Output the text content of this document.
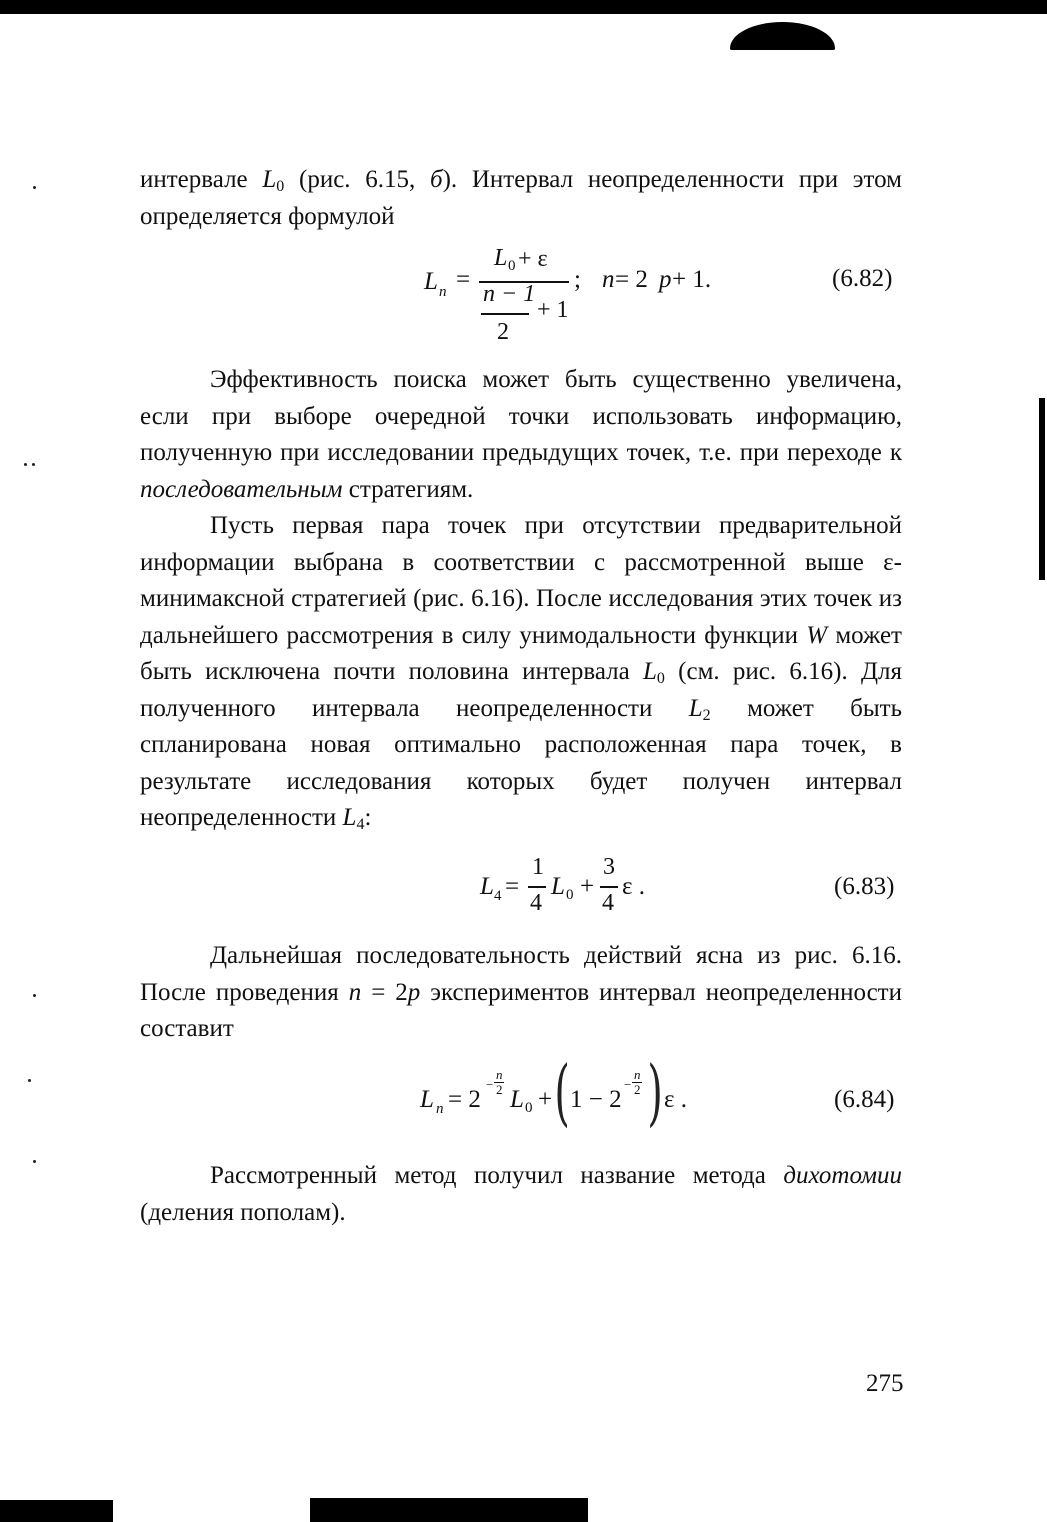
интервале $L_0$ (рис. 6.15, б). Интервал неопределенности при этом определяется формулой

L n =
L 0 + ε
n − 1
+ 1
2
; n = 2 p + 1.	(6.82)

Эффективность поиска может быть существенно увеличена, если при выборе очередной точки использовать информацию, полученную при исследовании предыдущих точек, т.е. при переходе к последовательным стратегиям.

Пусть первая пара точек при отсутствии предварительной информации выбрана в соответствии с рассмотренной выше ε-минимаксной стратегией (рис. 6.16). После исследования этих точек из дальнейшего рассмотрения в силу унимодальности функции W может быть исключена почти половина интервала $L_0$ (см. рис. 6.16). Для полученного интервала неопределенности $L_2$ может быть спланирована новая оптимально расположенная пара точек, в результате исследования которых будет получен интервал неопределенности $L_4$:

L 4 =
1
4
L 0 +
3
4
ε .	(6.83)

Дальнейшая последовательность действий ясна из рис. 6.16. После проведения n = 2p экспериментов интервал неопределенности составит

L n = 2
−
n
2 L 0 + ( 1 − 2
−
n
2 ) ε .	(6.84)

Рассмотренный метод получил название метода дихотомии (деления пополам).

275
